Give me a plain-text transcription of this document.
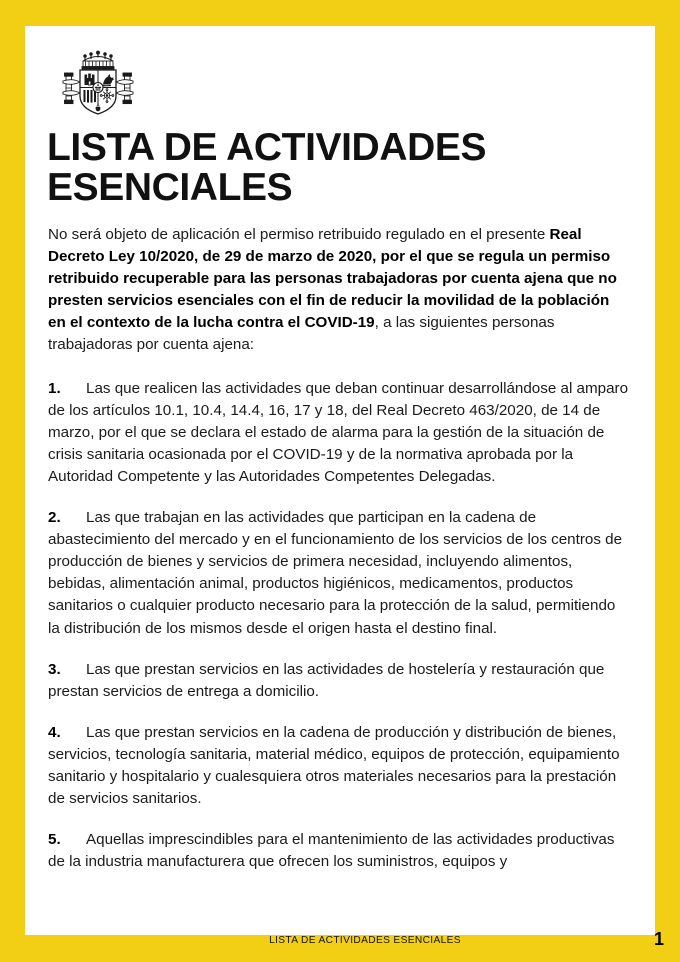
LISTA DE ACTIVIDADES
ESENCIALES

No será objeto de aplicación el permiso retribuido regulado en el presente Real Decreto Ley 10/2020, de 29 de marzo de 2020, por el que se regula un permiso retribuido recuperable para las personas trabajadoras por cuenta ajena que no presten servicios esenciales con el fin de reducir la movilidad de la población en el contexto de la lucha contra el COVID-19, a las siguientes personas trabajadoras por cuenta ajena:

1. Las que realicen las actividades que deban continuar desarrollándose al amparo de los artículos 10.1, 10.4, 14.4, 16, 17 y 18, del Real Decreto 463/2020, de 14 de marzo, por el que se declara el estado de alarma para la gestión de la situación de crisis sanitaria ocasionada por el COVID-19 y de la normativa aprobada por la Autoridad Competente y las Autoridades Competentes Delegadas.

2. Las que trabajan en las actividades que participan en la cadena de abastecimiento del mercado y en el funcionamiento de los servicios de los centros de producción de bienes y servicios de primera necesidad, incluyendo alimentos, bebidas, alimentación animal, productos higiénicos, medicamentos, productos sanitarios o cualquier producto necesario para la protección de la salud, permitiendo la distribución de los mismos desde el origen hasta el destino final.

3. Las que prestan servicios en las actividades de hostelería y restauración que prestan servicios de entrega a domicilio.

4. Las que prestan servicios en la cadena de producción y distribución de bienes, servicios, tecnología sanitaria, material médico, equipos de protección, equipamiento sanitario y hospitalario y cualesquiera otros materiales necesarios para la prestación de servicios sanitarios.

5. Aquellas imprescindibles para el mantenimiento de las actividades productivas de la industria manufacturera que ofrecen los suministros, equipos y

LISTA DE ACTIVIDADES ESENCIALES	1
